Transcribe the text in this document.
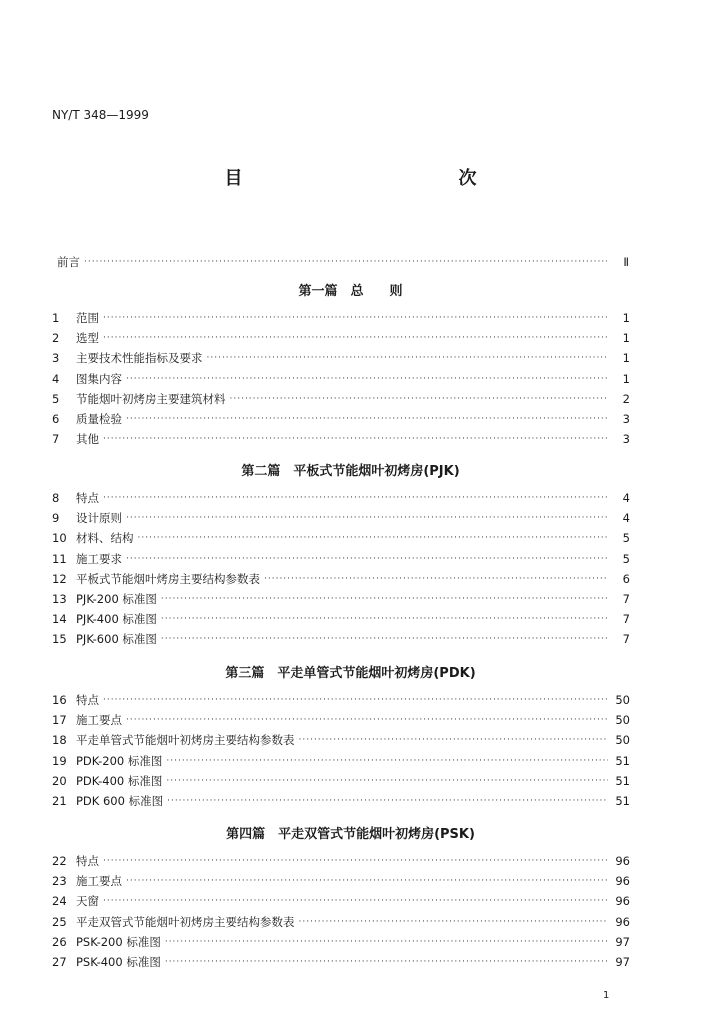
NY/T 348—1999
目　　次
前言 ·····	Ⅱ
第一篇　总　　则
1	范围 ·····	1
2	选型 ·····	1
3	主要技术性能指标及要求 ·····	1
4	图集内容 ·····	1
5	节能烟叶初烤房主要建筑材料 ·····	2
6	质量检验 ·····	3
7	其他 ·····	3
第二篇　平板式节能烟叶初烤房(PJK)
8	特点 ·····	4
9	设计原则 ·····	4
10 材料、结构 ·····	5
11 施工要求 ·····	5
12 平板式节能烟叶烤房主要结构参数表 ·····	6
13 PJK-200 标准图 ·····	7
14 PJK-400 标准图 ·····	7
15 PJK-600 标准图 ·····	7
第三篇　平走单管式节能烟叶初烤房(PDK)
16 特点 ·····	50
17 施工要点 ·····	50
18 平走单管式节能烟叶初烤房主要结构参数表 ·····	50
19 PDK-200 标准图 ·····	51
20 PDK-400 标准图 ·····	51
21 PDK 600 标准图 ·····	51
第四篇　平走双管式节能烟叶初烤房(PSK)
22 特点 ·····	96
23 施工要点 ·····	96
24 天窗 ·····	96
25 平走双管式节能烟叶初烤房主要结构参数表 ·····	96
26 PSK-200 标准图 ·····	97
27 PSK-400 标准图 ·····	97
1
